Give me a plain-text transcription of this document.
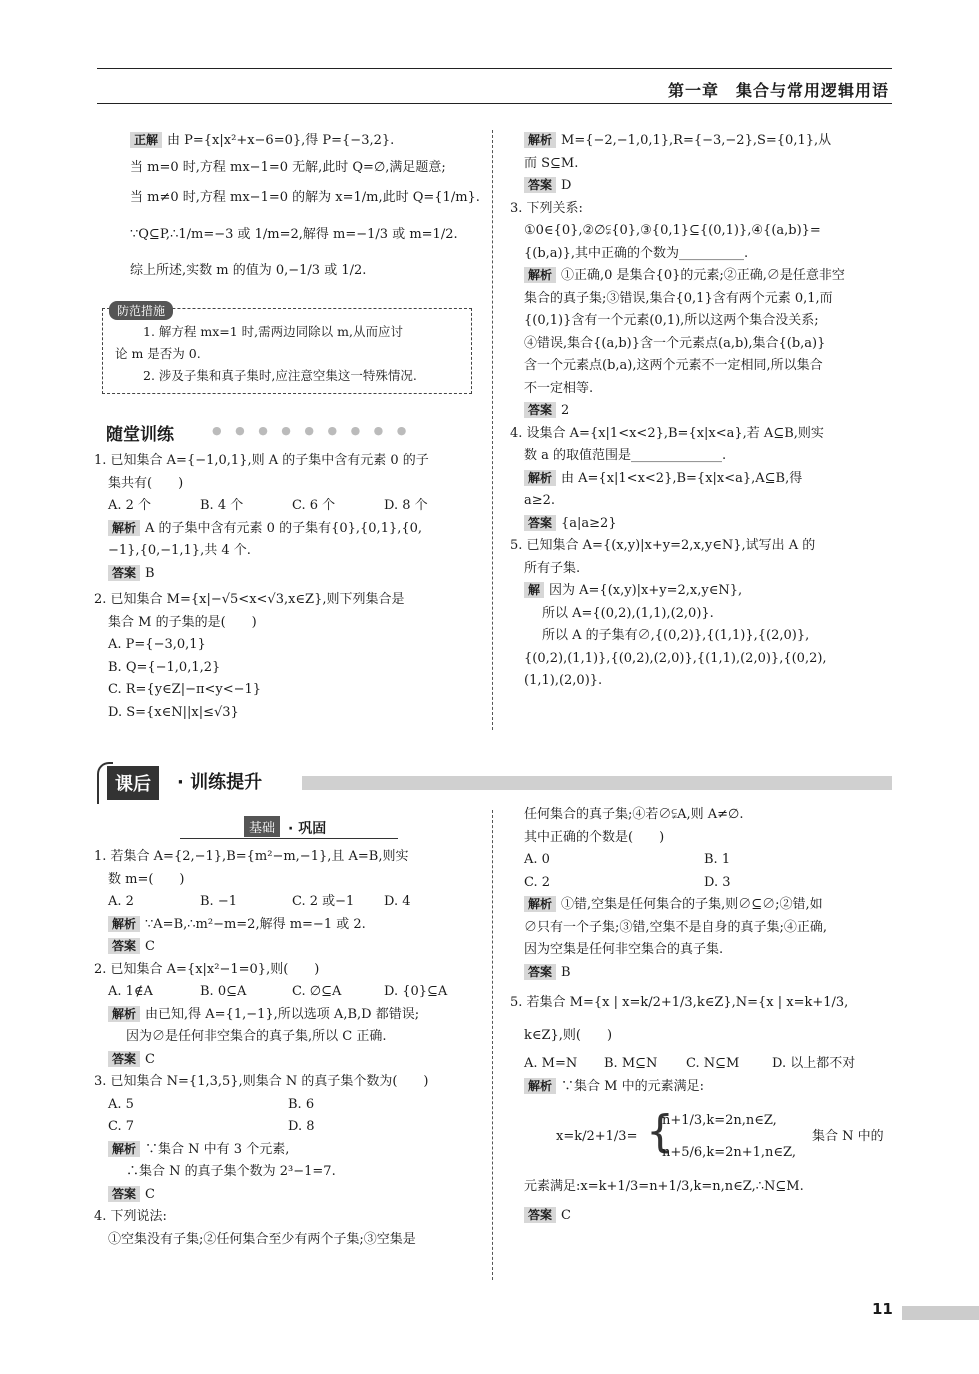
第一章　集合与常用逻辑用语

正解 由 P={x|x²+x−6=0},得 P={−3,2}.

当 m=0 时,方程 mx−1=0 无解,此时 Q=∅,满足题意;

当 m≠0 时,方程 mx−1=0 的解为 x=1/m,此时 Q={1/m}.

∵Q⊆P,∴1/m=−3 或 1/m=2,解得 m=−1/3 或 m=1/2.

综上所述,实数 m 的值为 0,−1/3 或 1/2.

防范措施

1. 解方程 mx=1 时,需两边同除以 m,从而应讨

论 m 是否为 0.

2. 涉及子集和真子集时,应注意空集这一特殊情况.

随堂训练	● ● ● ● ● ● ● ● ●

1. 已知集合 A={−1,0,1},则 A 的子集中含有元素 0 的子

集共有(　　)

A. 2 个	B. 4 个	C. 6 个	D. 8 个

解析 A 的子集中含有元素 0 的子集有{0},{0,1},{0,

−1},{0,−1,1},共 4 个.

答案 B

2. 已知集合 M={x|−√5<x<√3,x∈Z},则下列集合是

集合 M 的子集的是(　　)

A. P={−3,0,1}

B. Q={−1,0,1,2}

C. R={y∈Z|−π<y<−1}

D. S={x∈N||x|≤√3}

解析 M={−2,−1,0,1},R={−3,−2},S={0,1},从

而 S⊆M.

答案 D

3. 下列关系:

①0∈{0},②∅⫋{0},③{0,1}⊆{(0,1)},④{(a,b)}=

{(b,a)},其中正确的个数为__________.

解析 ①正确,0 是集合{0}的元素;②正确,∅是任意非空

集合的真子集;③错误,集合{0,1}含有两个元素 0,1,而

{(0,1)}含有一个元素(0,1),所以这两个集合没关系;

④错误,集合{(a,b)}含一个元素点(a,b),集合{(b,a)}

含一个元素点(b,a),这两个元素不一定相同,所以集合

不一定相等.

答案 2

4. 设集合 A={x|1<x<2},B={x|x<a},若 A⊆B,则实

数 a 的取值范围是______________.

解析 由 A={x|1<x<2},B={x|x<a},A⊆B,得

a≥2.

答案 {a|a≥2}

5. 已知集合 A={(x,y)|x+y=2,x,y∈N},试写出 A 的

所有子集.

解 因为 A={(x,y)|x+y=2,x,y∈N},

所以 A={(0,2),(1,1),(2,0)}.

所以 A 的子集有∅,{(0,2)},{(1,1)},{(2,0)},

{(0,2),(1,1)},{(0,2),(2,0)},{(1,1),(2,0)},{(0,2),

(1,1),(2,0)}.

课后	· 训练提升
基础 · 巩固

1. 若集合 A={2,−1},B={m²−m,−1},且 A=B,则实

数 m=(　　)

A. 2	B. −1	C. 2 或−1 D. 4

解析 ∵A=B,∴m²−m=2,解得 m=−1 或 2.

答案 C

2. 已知集合 A={x|x²−1=0},则(　　)

A. 1∉A	B. 0⊆A	C. ∅⊆A	D. {0}⊆A

解析 由已知,得 A={1,−1},所以选项 A,B,D 都错误;

因为∅是任何非空集合的真子集,所以 C 正确.

答案 C

3. 已知集合 N={1,3,5},则集合 N 的真子集个数为(　　)

A. 5	B. 6

C. 7	D. 8

解析 ∵集合 N 中有 3 个元素,

∴集合 N 的真子集个数为 2³−1=7.

答案 C

4. 下列说法:

①空集没有子集;②任何集合至少有两个子集;③空集是

任何集合的真子集;④若∅⫋A,则 A≠∅.

其中正确的个数是(　　)

A. 0	B. 1

C. 2	D. 3

解析 ①错,空集是任何集合的子集,则∅⊆∅;②错,如

∅只有一个子集;③错,空集不是自身的真子集;④正确,

因为空集是任何非空集合的真子集.

答案 B

5. 若集合 M={x | x=k/2+1/3,k∈Z},N={x | x=k+1/3,

k∈Z},则(　　)

A. M=N B. M⊆N C. N⊆M	D. 以上都不对

解析 ∵集合 M 中的元素满足:

x=k/2+1/3= {
n+1/3,k=2n,n∈Z,
n+5/6,k=2n+1,n∈Z,
集合 N 中的

元素满足:x=k+1/3=n+1/3,k=n,n∈Z,∴N⊆M.

答案 C

11
